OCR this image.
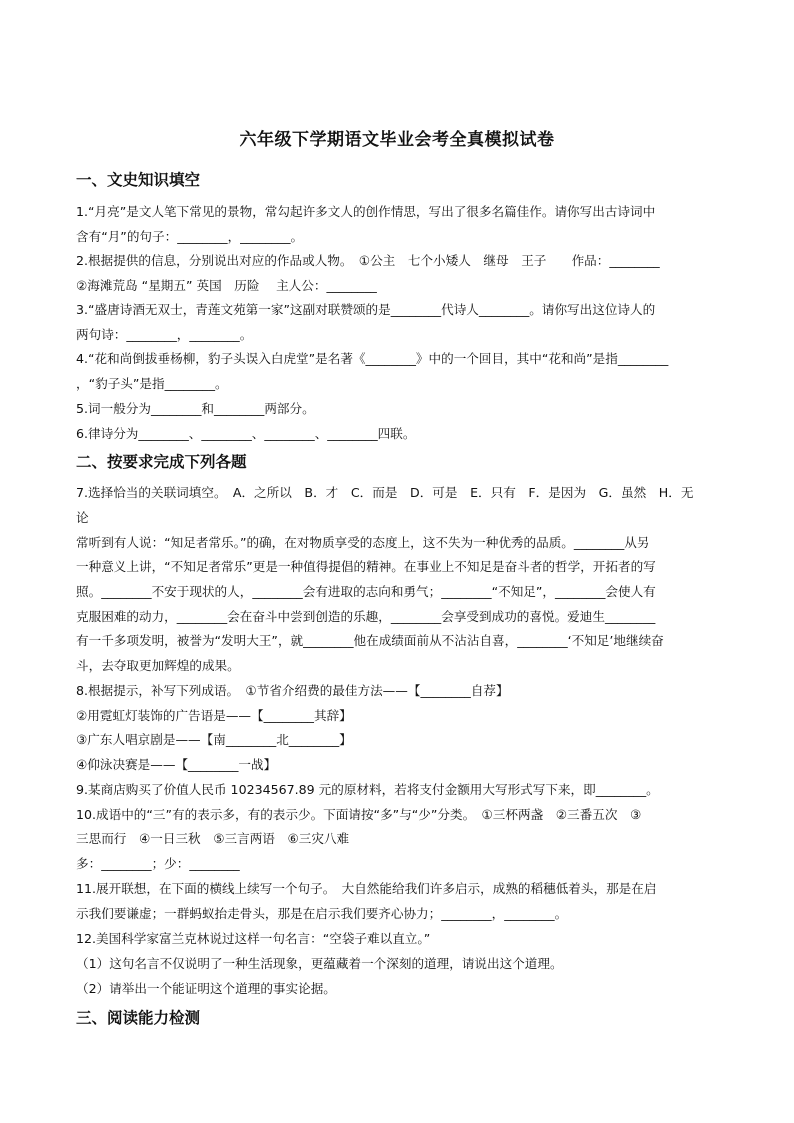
六年级下学期语文毕业会考全真模拟试卷
一、文史知识填空
1.“月亮”是文人笔下常见的景物，常勾起许多文人的创作情思，写出了很多名篇佳作。请你写出古诗词中
含有“月”的句子：________，________。
2.根据提供的信息，分别说出对应的作品或人物。　①公主　七个小矮人　继母　王子　　作品：________
②海滩荒岛 “星期五” 英国　历险　 主人公：________
3.“盛唐诗酒无双士，青莲文苑第一家”这副对联赞颂的是________代诗人________。请你写出这位诗人的
两句诗：________，________。
4.“花和尚倒拔垂杨柳，豹子头误入白虎堂”是名著《________》中的一个回目，其中“花和尚”是指________
，“豹子头”是指________。
5.词一般分为________和________两部分。
6.律诗分为________、________、________、________四联。
二、按要求完成下列各题
7.选择恰当的关联词填空。　A．之所以　B．才　C．而是　D．可是　E．只有　F．是因为　G．虽然　H．无
论
常听到有人说：“知足者常乐。”的确，在对物质享受的态度上，这不失为一种优秀的品质。________从另
一种意义上讲，“不知足者常乐”更是一种值得提倡的精神。在事业上不知足是奋斗者的哲学，开拓者的写
照。________不安于现状的人，________会有进取的志向和勇气；________“不知足”，________会使人有
克服困难的动力，________会在奋斗中尝到创造的乐趣，________会享受到成功的喜悦。爱迪生________
有一千多项发明，被誉为“发明大王”，就________他在成绩面前从不沾沾自喜，________‘不知足’地继续奋
斗，去夺取更加辉煌的成果。
8.根据提示，补写下列成语。　①节省介绍费的最佳方法——【________自荐】
②用霓虹灯装饰的广告语是——【________其辞】
③广东人唱京剧是——【南________北________】
④仰泳决赛是——【________一战】
9.某商店购买了价值人民币 10234567.89 元的原材料，若将支付金额用大写形式写下来，即________。
10.成语中的“三”有的表示多，有的表示少。下面请按“多”与“少”分类。　①三杯两盏　②三番五次　③
三思而行　④一日三秋　⑤三言两语　⑥三灾八难
多：________；少：________
11.展开联想，在下面的横线上续写一个句子。　大自然能给我们许多启示，成熟的稻穗低着头，那是在启
示我们要谦虚；一群蚂蚁抬走骨头，那是在启示我们要齐心协力；________，________。
12.美国科学家富兰克林说过这样一句名言：“空袋子难以直立。”
（1）这句名言不仅说明了一种生活现象，更蕴藏着一个深刻的道理，请说出这个道理。
（2）请举出一个能证明这个道理的事实论据。
三、阅读能力检测
